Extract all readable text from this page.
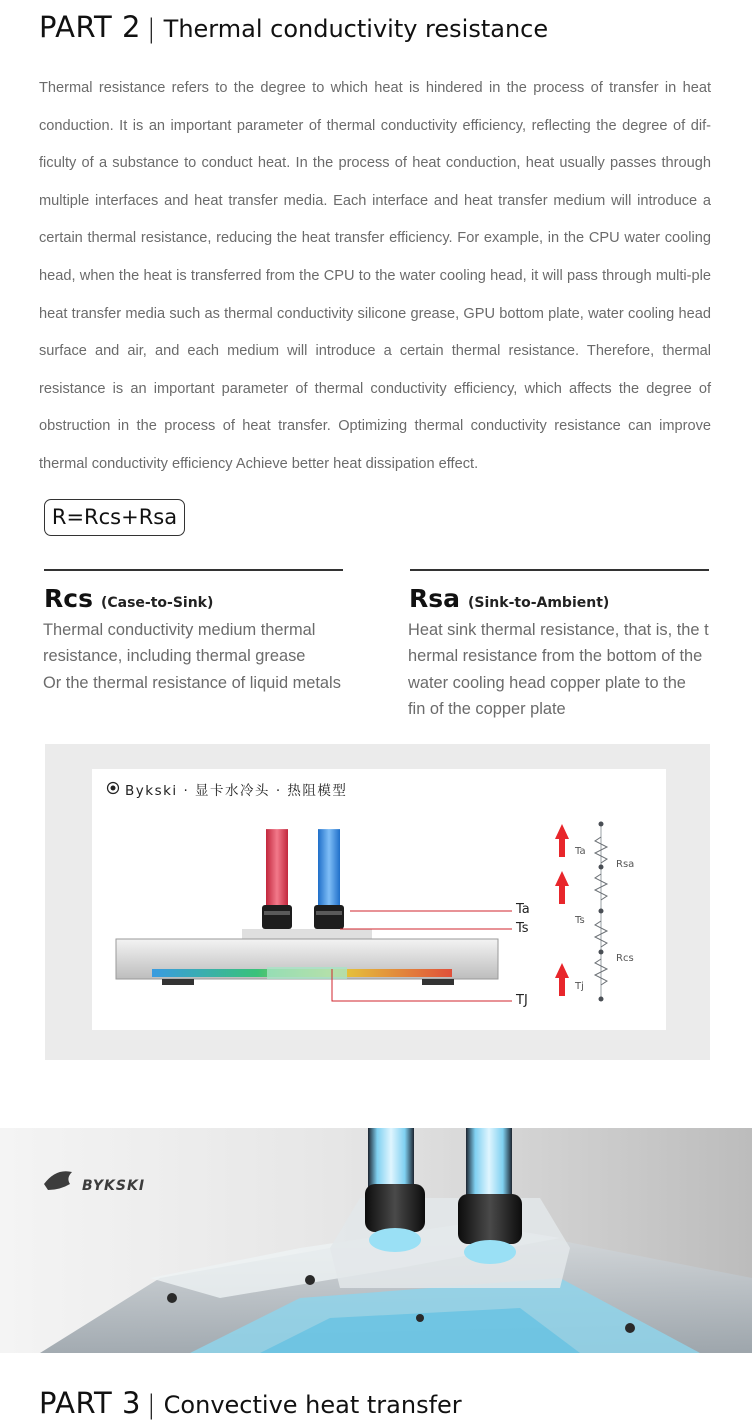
PART 2 | Thermal conductivity resistance
Thermal resistance refers to the degree to which heat is hindered in the process of transfer in heat conduction. It is an important parameter of thermal conductivity efficiency, reflecting the degree of dif-ficulty of a substance to conduct heat. In the process of heat conduction, heat usually passes through multiple interfaces and heat transfer media. Each interface and heat transfer medium will introduce a certain thermal resistance, reducing the heat transfer efficiency. For example, in the CPU water cooling head, when the heat is transferred from the CPU to the water cooling head, it will pass through multi-ple heat transfer media such as thermal conductivity silicone grease, GPU bottom plate, water cooling head surface and air, and each medium will introduce a certain thermal resistance. Therefore, thermal resistance is an important parameter of thermal conductivity efficiency, which affects the degree of obstruction in the process of heat transfer. Optimizing thermal conductivity resistance can improve thermal conductivity efficiency Achieve better heat dissipation effect.
R=Rcs+Rsa
Rcs (Case-to-Sink)
Thermal conductivity medium thermal
resistance, including thermal grease
Or the thermal resistance of liquid metals
Rsa (Sink-to-Ambient)
Heat sink thermal resistance, that is, the t
hermal resistance from the bottom of the
water cooling head copper plate to the
fin of the copper plate
Bykski · 显卡水冷头 · 热阻模型
Ta
Ts
TJ
Ta
Rsa
Ts
Rcs
Tj
BYKSKI
PART 3 | Convective heat transfer
